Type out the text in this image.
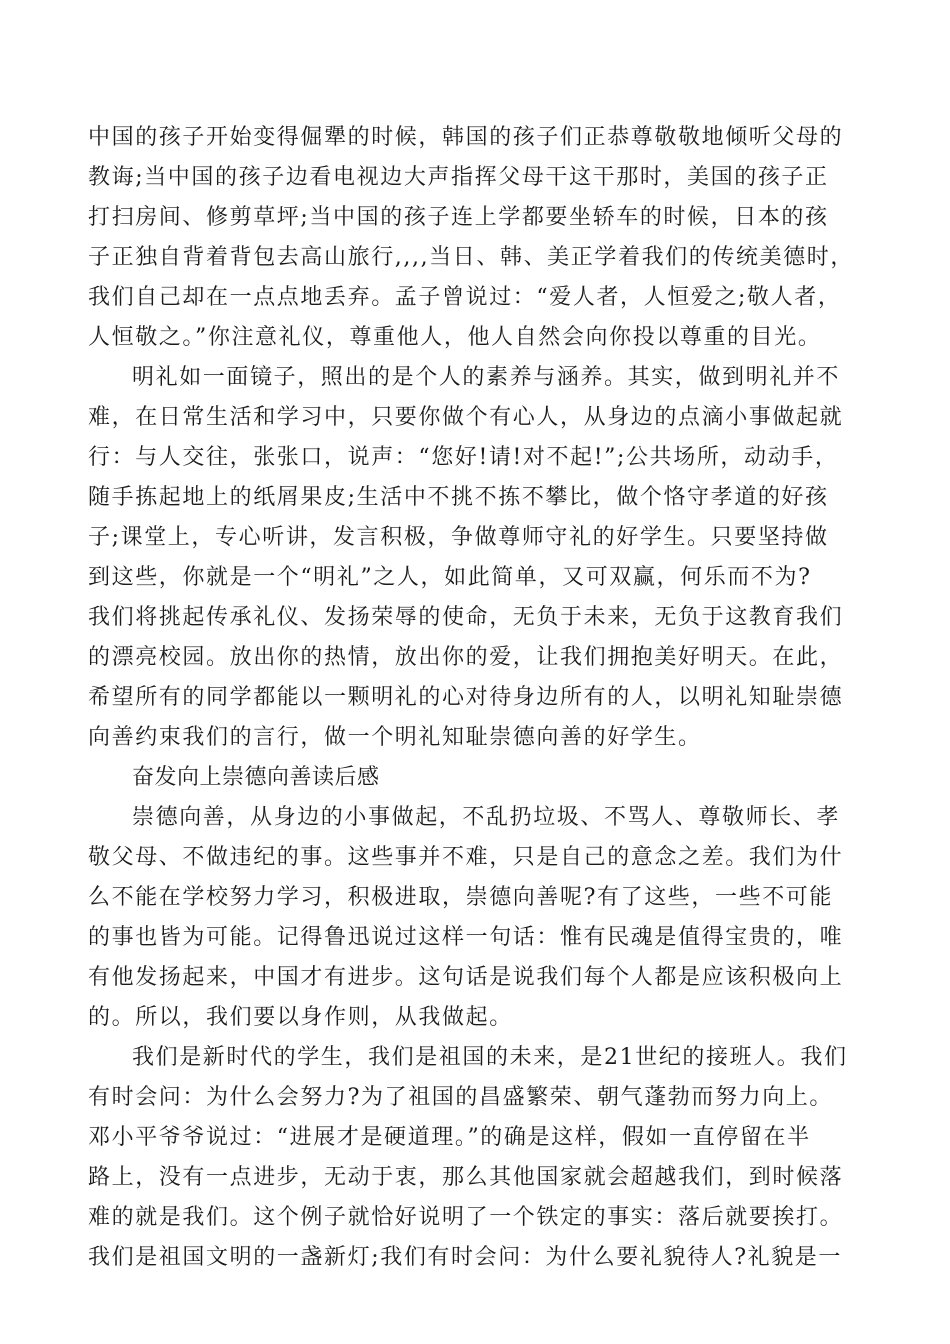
中国的孩子开始变得倔犟的时候，韩国的孩子们正恭尊敬敬地倾听父母的
教诲;当中国的孩子边看电视边大声指挥父母干这干那时，美国的孩子正
打扫房间、修剪草坪;当中国的孩子连上学都要坐轿车的时候，日本的孩
子正独自背着背包去高山旅行,,,,当日、韩、美正学着我们的传统美德时，
我们自己却在一点点地丢弃。孟子曾说过：“爱人者，人恒爱之;敬人者，
人恒敬之。”你注意礼仪，尊重他人，他人自然会向你投以尊重的目光。
明礼如一面镜子，照出的是个人的素养与涵养。其实，做到明礼并不
难，在日常生活和学习中，只要你做个有心人，从身边的点滴小事做起就
行：与人交往，张张口，说声：“您好!请!对不起!”;公共场所，动动手，
随手拣起地上的纸屑果皮;生活中不挑不拣不攀比，做个恪守孝道的好孩
子;课堂上，专心听讲，发言积极，争做尊师守礼的好学生。只要坚持做
到这些，你就是一个“明礼”之人，如此简单，又可双赢，何乐而不为?
我们将挑起传承礼仪、发扬荣辱的使命，无负于未来，无负于这教育我们
的漂亮校园。放出你的热情，放出你的爱，让我们拥抱美好明天。在此，
希望所有的同学都能以一颗明礼的心对待身边所有的人，以明礼知耻崇德
向善约束我们的言行，做一个明礼知耻崇德向善的好学生。
奋发向上崇德向善读后感
崇德向善，从身边的小事做起，不乱扔垃圾、不骂人、尊敬师长、孝
敬父母、不做违纪的事。这些事并不难，只是自己的意念之差。我们为什
么不能在学校努力学习，积极进取，崇德向善呢?有了这些，一些不可能
的事也皆为可能。记得鲁迅说过这样一句话：惟有民魂是值得宝贵的，唯
有他发扬起来，中国才有进步。这句话是说我们每个人都是应该积极向上
的。所以，我们要以身作则，从我做起。
我们是新时代的学生，我们是祖国的未来，是21世纪的接班人。我们
有时会问：为什么会努力?为了祖国的昌盛繁荣、朝气蓬勃而努力向上。
邓小平爷爷说过：“进展才是硬道理。”的确是这样，假如一直停留在半
路上，没有一点进步，无动于衷，那么其他国家就会超越我们，到时候落
难的就是我们。这个例子就恰好说明了一个铁定的事实：落后就要挨打。
我们是祖国文明的一盏新灯;我们有时会问：为什么要礼貌待人?礼貌是一
